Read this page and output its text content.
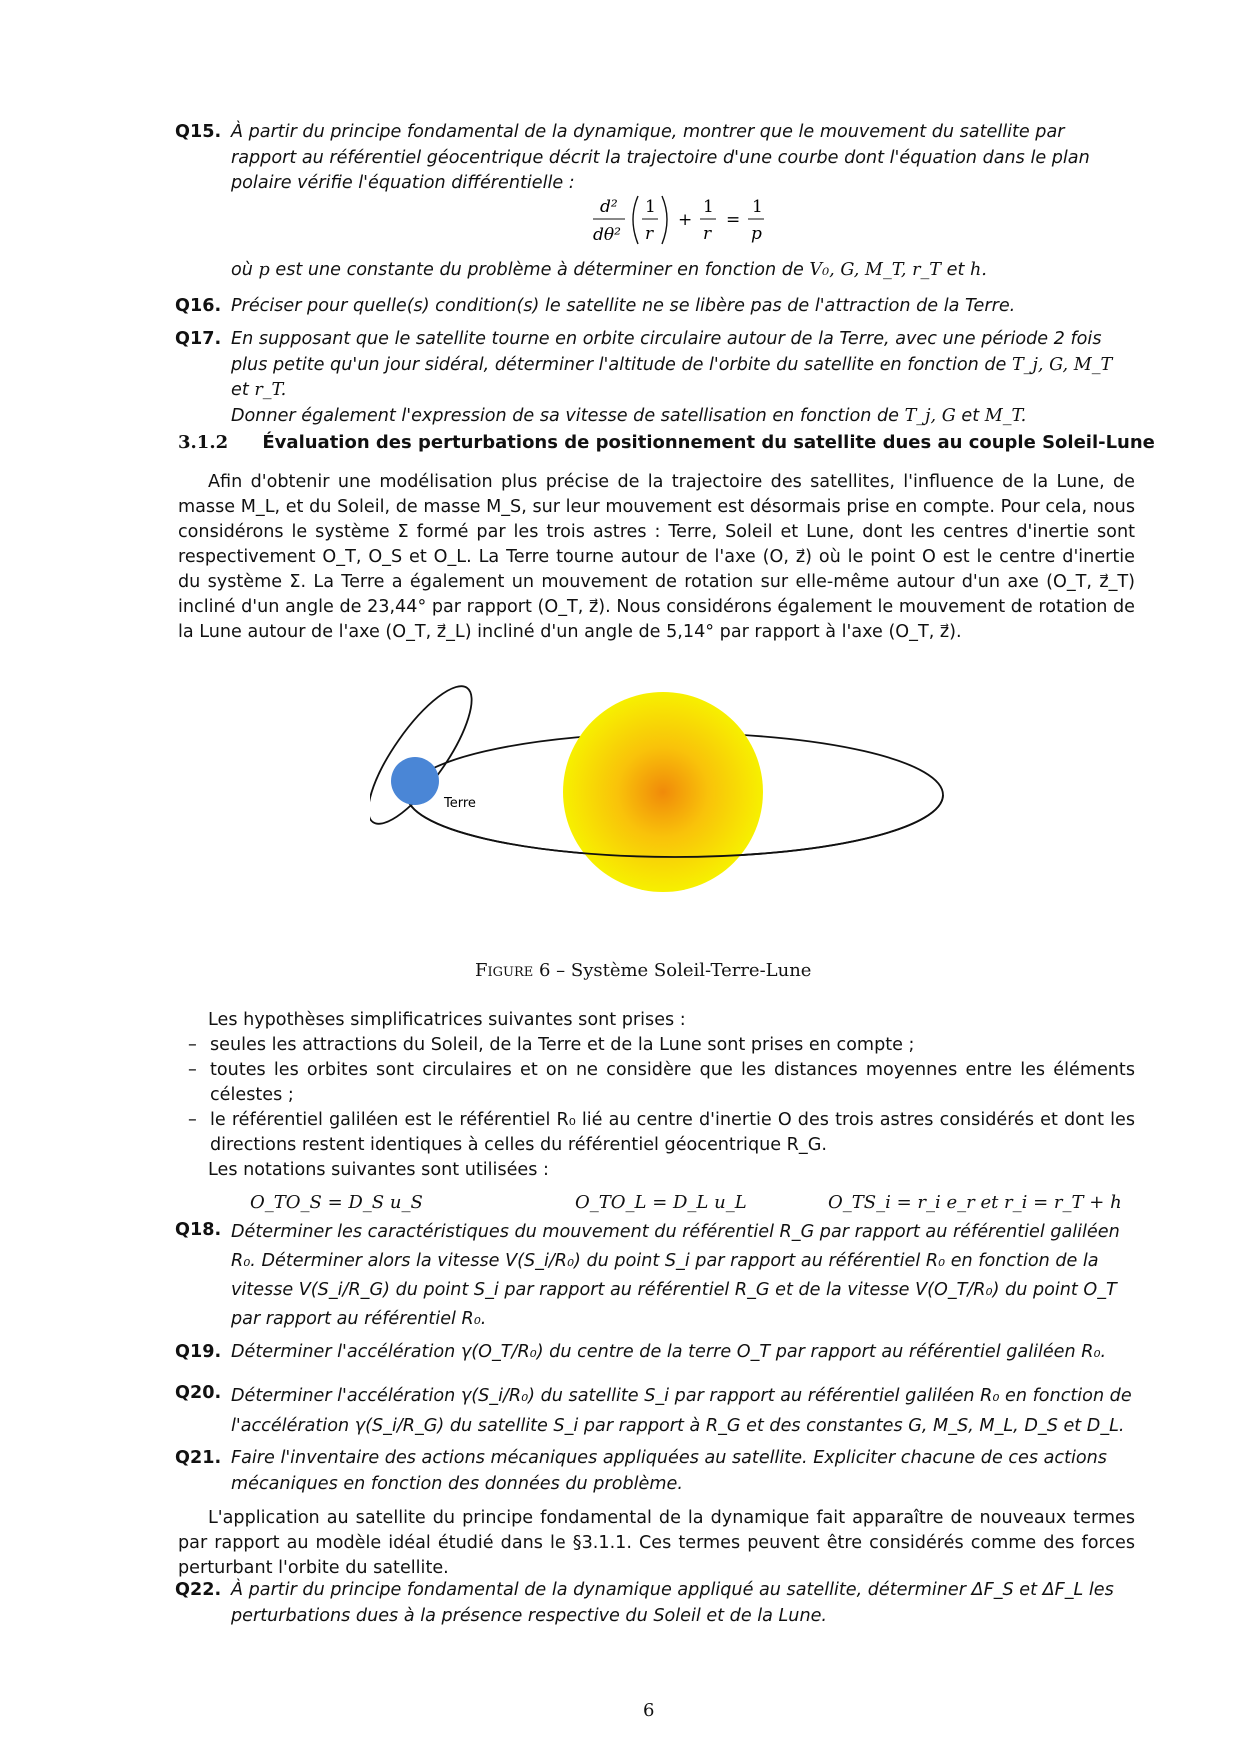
Q15. À partir du principe fondamental de la dynamique, montrer que le mouvement du satellite par rapport au référentiel géocentrique décrit la trajectoire d'une courbe dont l'équation dans le plan polaire vérifie l'équation différentielle :
d²
dθ²
1
r
+
1
r
=
1
p
où p est une constante du problème à déterminer en fonction de V₀, G, M_T, r_T et h.
Q16. Préciser pour quelle(s) condition(s) le satellite ne se libère pas de l'attraction de la Terre.
Q17. En supposant que le satellite tourne en orbite circulaire autour de la Terre, avec une période 2 fois plus petite qu'un jour sidéral, déterminer l'altitude de l'orbite du satellite en fonction de T_j, G, M_T et r_T.
Donner également l'expression de sa vitesse de satellisation en fonction de T_j, G et M_T.
3.1.2 Évaluation des perturbations de positionnement du satellite dues au couple Soleil-Lune
Afin d'obtenir une modélisation plus précise de la trajectoire des satellites, l'influence de la Lune, de masse M_L, et du Soleil, de masse M_S, sur leur mouvement est désormais prise en compte. Pour cela, nous considérons le système Σ formé par les trois astres : Terre, Soleil et Lune, dont les centres d'inertie sont respectivement O_T, O_S et O_L. La Terre tourne autour de l'axe (O, z⃗) où le point O est le centre d'inertie du système Σ. La Terre a également un mouvement de rotation sur elle-même autour d'un axe (O_T, z⃗_T) incliné d'un angle de 23,44° par rapport (O_T, z⃗). Nous considérons également le mouvement de rotation de la Lune autour de l'axe (O_T, z⃗_L) incliné d'un angle de 5,14° par rapport à l'axe (O_T, z⃗).
Terre
Figure 6 – Système Soleil-Terre-Lune
Les hypothèses simplificatrices suivantes sont prises :
– seules les attractions du Soleil, de la Terre et de la Lune sont prises en compte ;
– toutes les orbites sont circulaires et on ne considère que les distances moyennes entre les éléments célestes ;
– le référentiel galiléen est le référentiel R₀ lié au centre d'inertie O des trois astres considérés et dont les directions restent identiques à celles du référentiel géocentrique R_G.
Les notations suivantes sont utilisées :
O_TO_S = D_S u_S	O_TO_L = D_L u_L	O_TS_i = r_i e_r et r_i = r_T + h
Q18. Déterminer les caractéristiques du mouvement du référentiel R_G par rapport au référentiel galiléen R₀. Déterminer alors la vitesse V(S_i/R₀) du point S_i par rapport au référentiel R₀ en fonction de la vitesse V(S_i/R_G) du point S_i par rapport au référentiel R_G et de la vitesse V(O_T/R₀) du point O_T par rapport au référentiel R₀.
Q19. Déterminer l'accélération γ(O_T/R₀) du centre de la terre O_T par rapport au référentiel galiléen R₀.
Q20. Déterminer l'accélération γ(S_i/R₀) du satellite S_i par rapport au référentiel galiléen R₀ en fonction de l'accélération γ(S_i/R_G) du satellite S_i par rapport à R_G et des constantes G, M_S, M_L, D_S et D_L.
Q21. Faire l'inventaire des actions mécaniques appliquées au satellite. Expliciter chacune de ces actions mécaniques en fonction des données du problème.
L'application au satellite du principe fondamental de la dynamique fait apparaître de nouveaux termes par rapport au modèle idéal étudié dans le §3.1.1. Ces termes peuvent être considérés comme des forces perturbant l'orbite du satellite.
Q22. À partir du principe fondamental de la dynamique appliqué au satellite, déterminer ΔF_S et ΔF_L les perturbations dues à la présence respective du Soleil et de la Lune.
6
